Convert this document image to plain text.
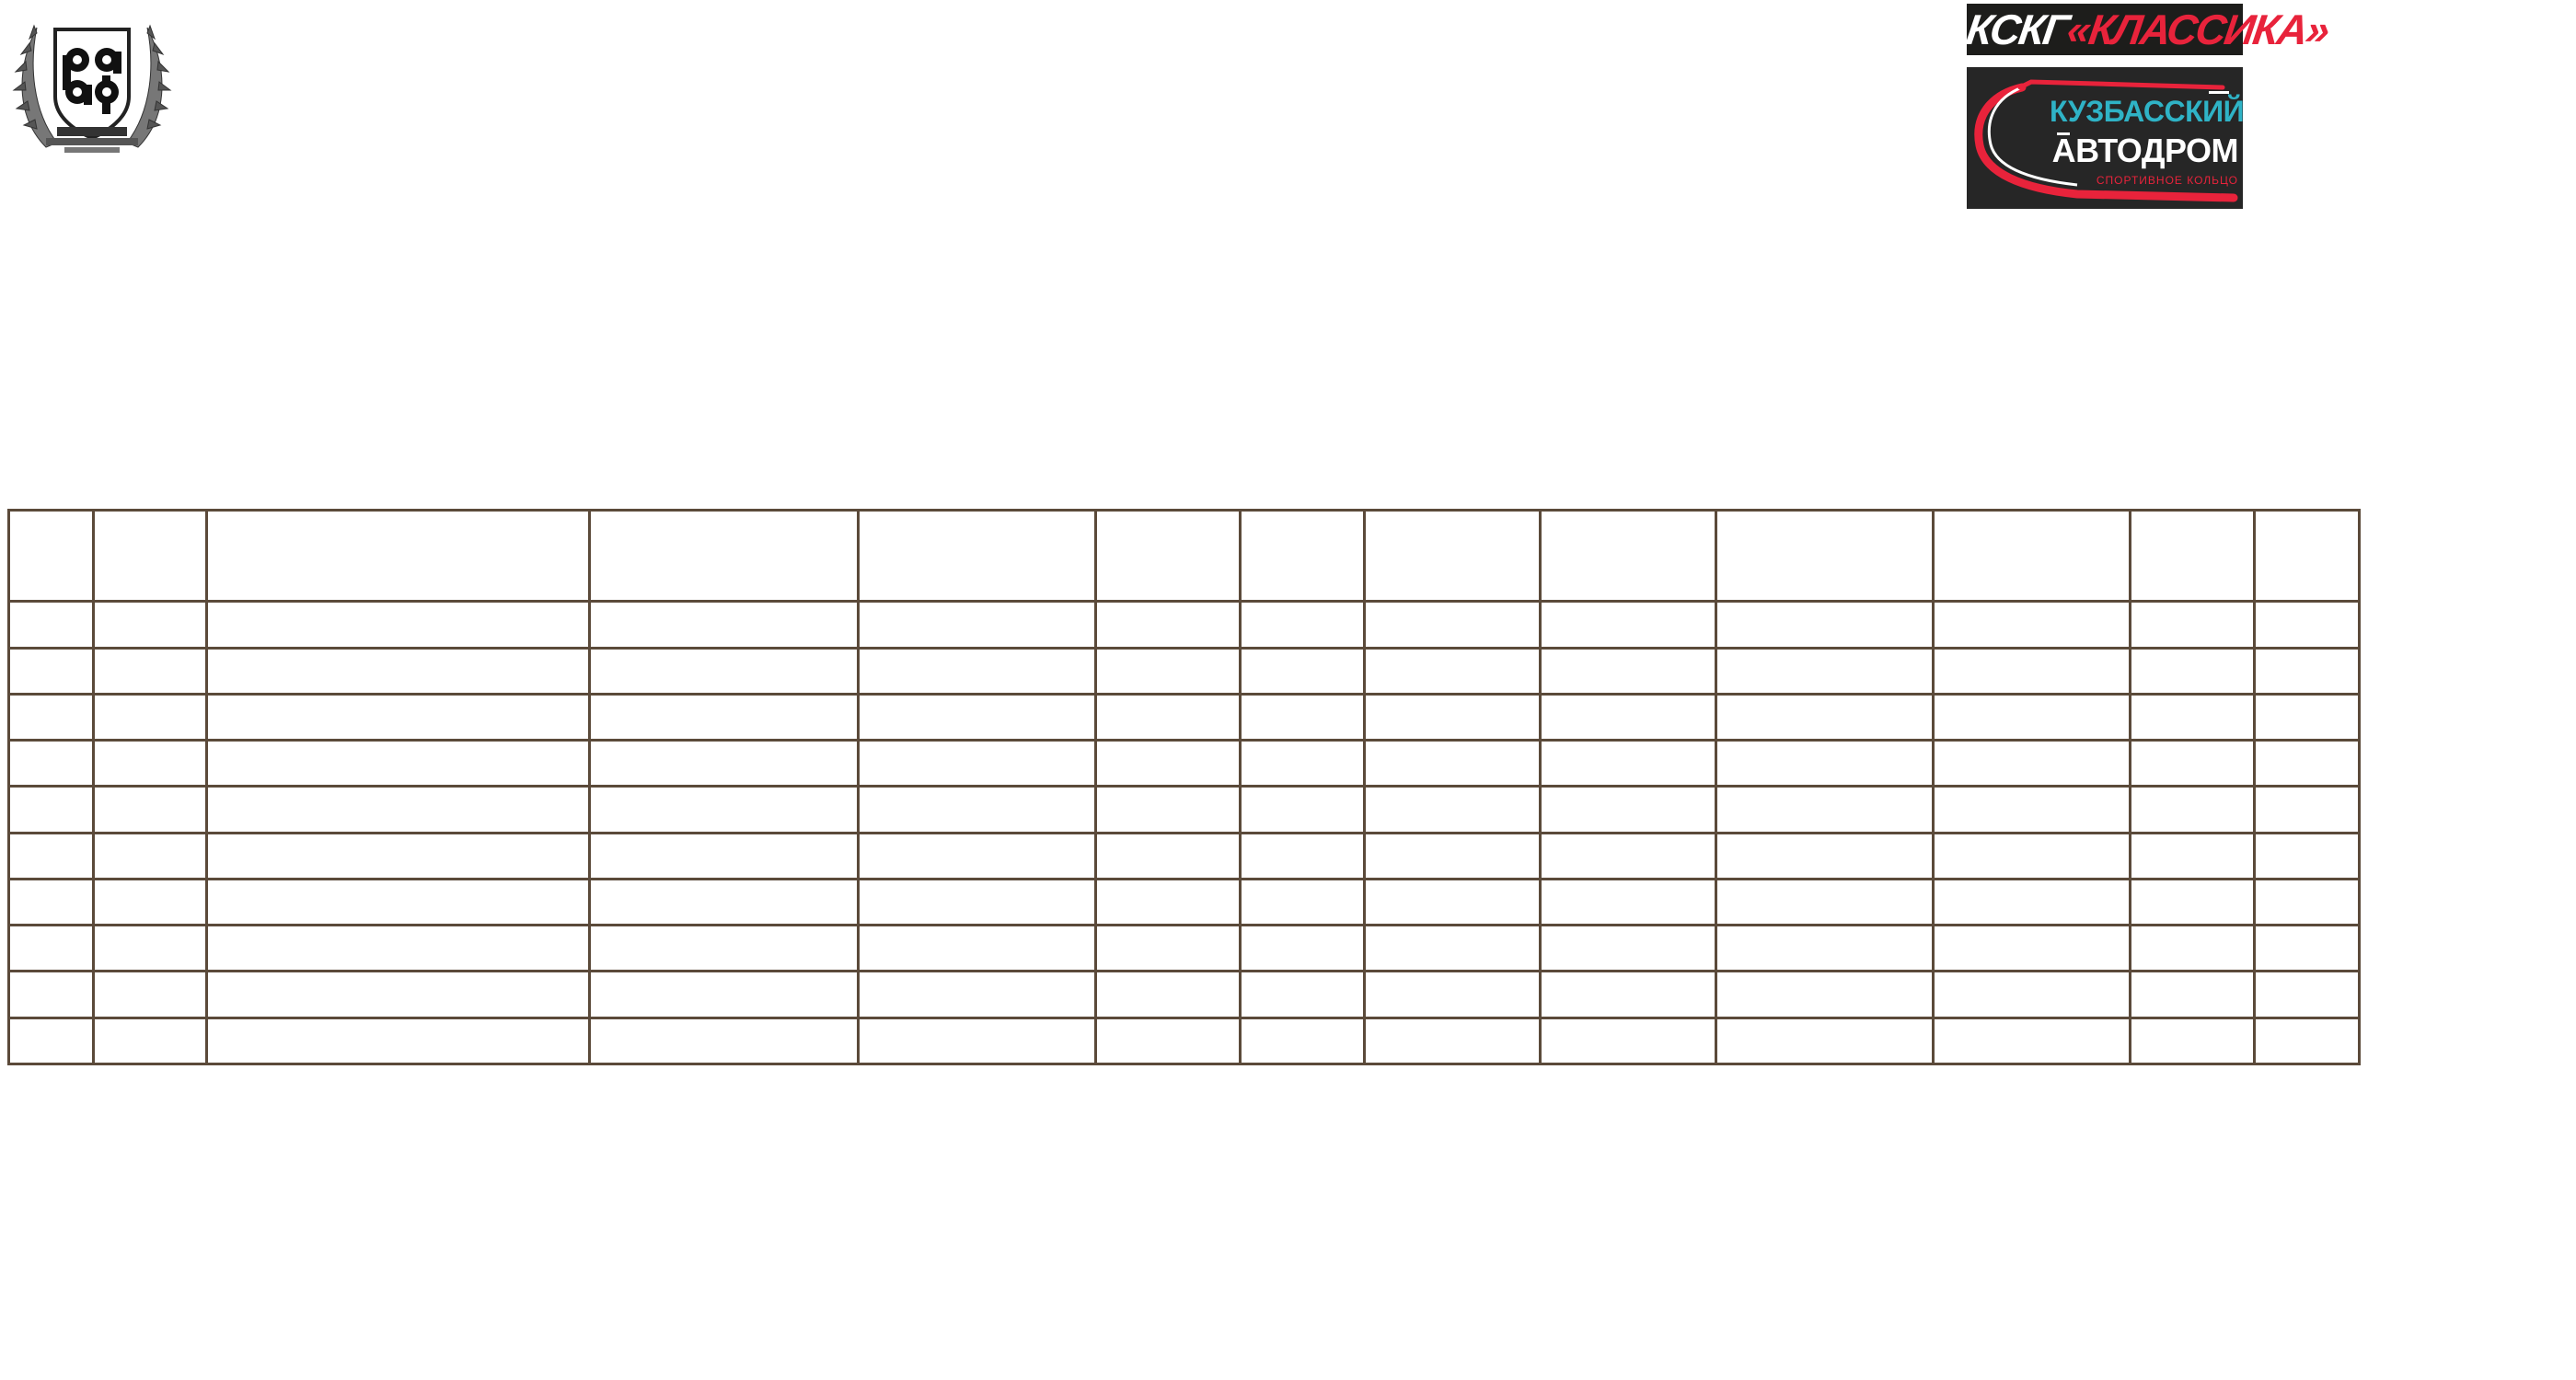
КСКГ«КЛАССИКА»
КУЗБАССКИЙ
АВТОДРОМ
СПОРТИВНОЕ КОЛЬЦО
